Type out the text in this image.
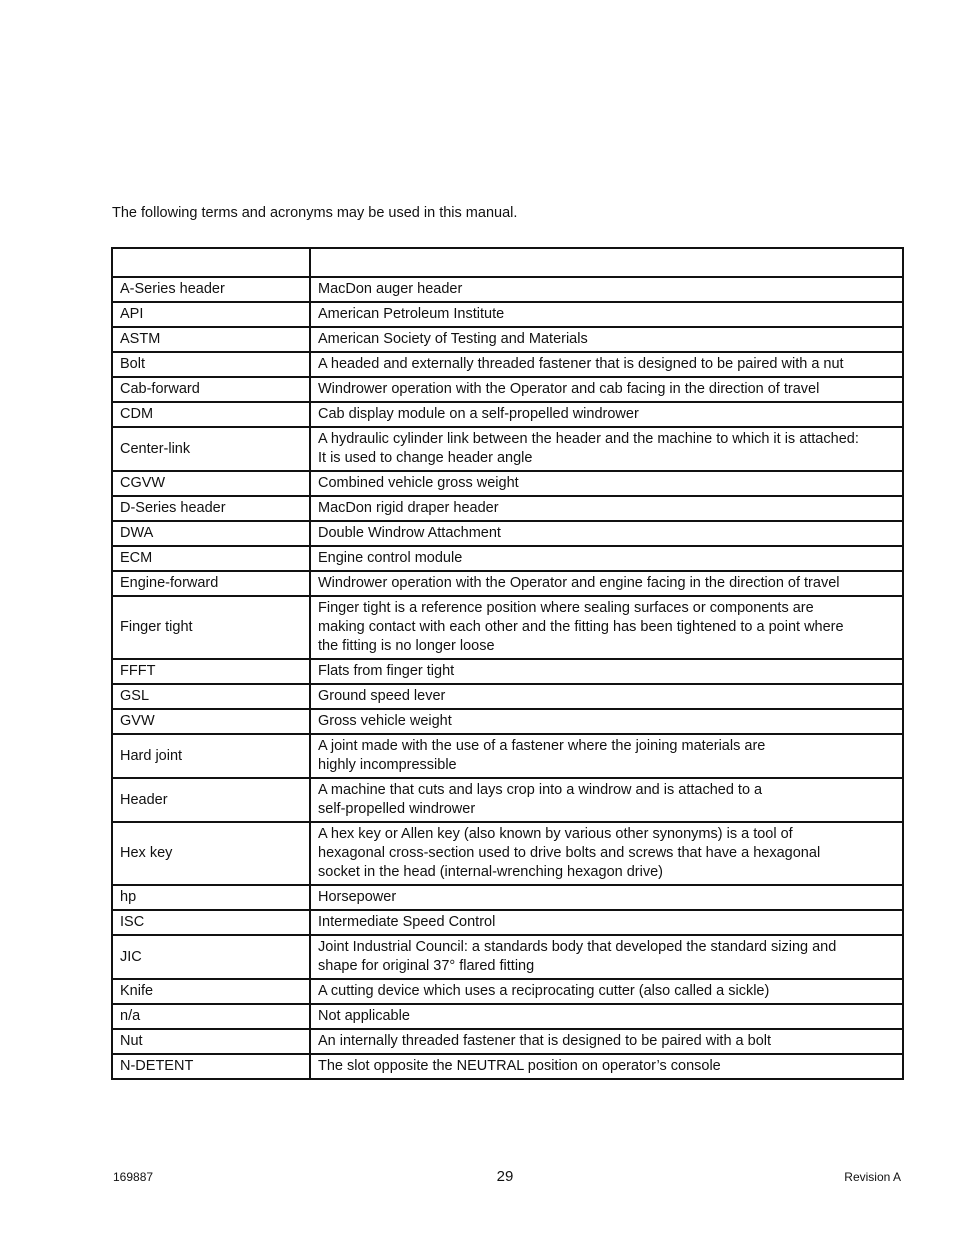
The following terms and acronyms may be used in this manual.

A-Series header	MacDon auger header
API	American Petroleum Institute
ASTM	American Society of Testing and Materials
Bolt	A headed and externally threaded fastener that is designed to be paired with a nut
Cab-forward	Windrower operation with the Operator and cab facing in the direction of travel
CDM	Cab display module on a self-propelled windrower
Center-link	A hydraulic cylinder link between the header and the machine to which it is attached:
It is used to change header angle
CGVW	Combined vehicle gross weight
D-Series header	MacDon rigid draper header
DWA	Double Windrow Attachment
ECM	Engine control module
Engine-forward	Windrower operation with the Operator and engine facing in the direction of travel
Finger tight	Finger tight is a reference position where sealing surfaces or components are
making contact with each other and the fitting has been tightened to a point where
the fitting is no longer loose
FFFT	Flats from finger tight
GSL	Ground speed lever
GVW	Gross vehicle weight
Hard joint	A joint made with the use of a fastener where the joining materials are
highly incompressible
Header	A machine that cuts and lays crop into a windrow and is attached to a
self-propelled windrower
Hex key	A hex key or Allen key (also known by various other synonyms) is a tool of
hexagonal cross-section used to drive bolts and screws that have a hexagonal
socket in the head (internal-wrenching hexagon drive)
hp	Horsepower
ISC	Intermediate Speed Control
JIC	Joint Industrial Council: a standards body that developed the standard sizing and
shape for original 37° flared fitting
Knife	A cutting device which uses a reciprocating cutter (also called a sickle)
n/a	Not applicable
Nut	An internally threaded fastener that is designed to be paired with a bolt
N-DETENT	The slot opposite the NEUTRAL position on operator’s console
169887	29	Revision A
